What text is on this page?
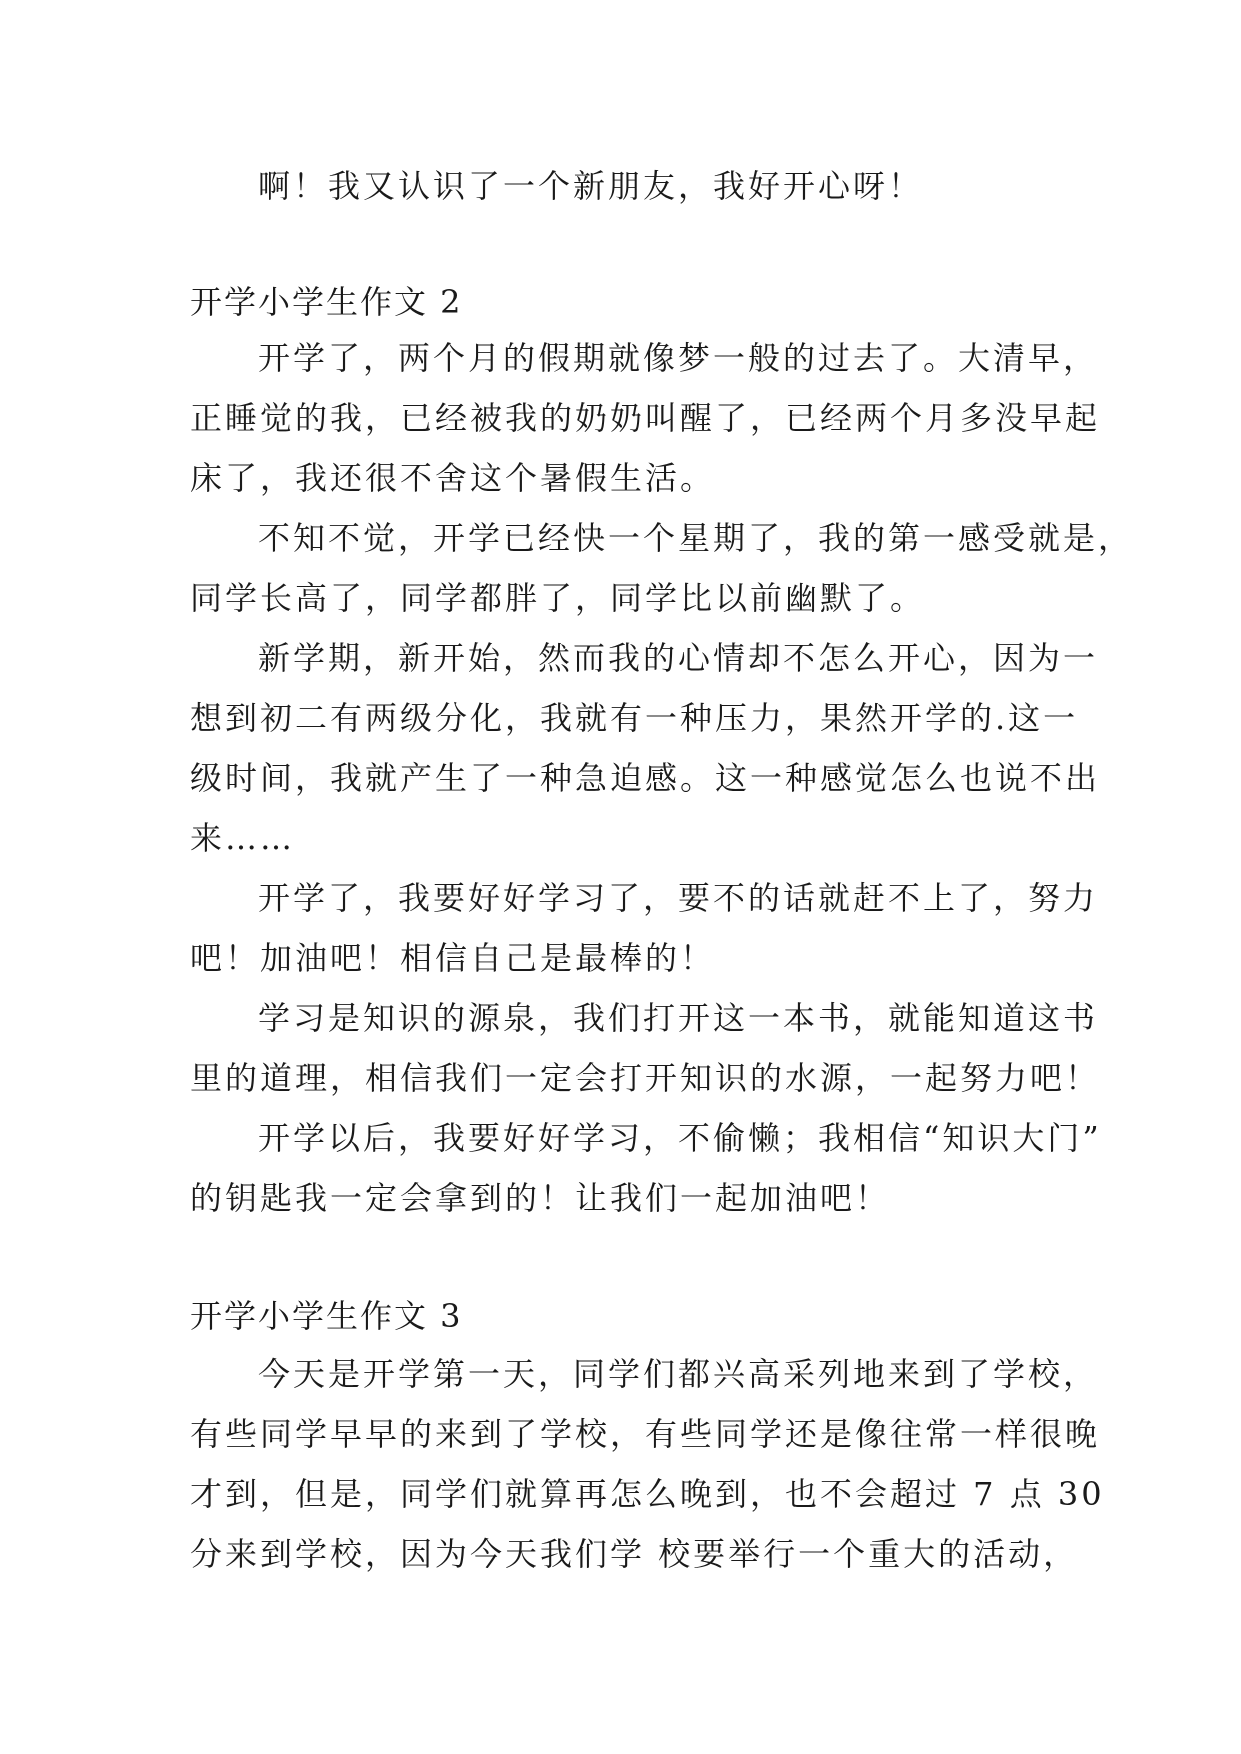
啊！我又认识了一个新朋友，我好开心呀！
开学小学生作文 2
开学了，两个月的假期就像梦一般的过去了。大清早，
正睡觉的我，已经被我的奶奶叫醒了，已经两个月多没早起
床了，我还很不舍这个暑假生活。
不知不觉，开学已经快一个星期了，我的第一感受就是，
同学长高了，同学都胖了，同学比以前幽默了。
新学期，新开始，然而我的心情却不怎么开心，因为一
想到初二有两级分化，我就有一种压力，果然开学的.这一
级时间，我就产生了一种急迫感。这一种感觉怎么也说不出
来……
开学了，我要好好学习了，要不的话就赶不上了，努力
吧！加油吧！相信自己是最棒的！
学习是知识的源泉，我们打开这一本书，就能知道这书
里的道理，相信我们一定会打开知识的水源，一起努力吧！
开学以后，我要好好学习，不偷懒；我相信“知识大门”
的钥匙我一定会拿到的！让我们一起加油吧！
开学小学生作文 3
今天是开学第一天，同学们都兴高采列地来到了学校，
有些同学早早的来到了学校，有些同学还是像往常一样很晚
才到，但是，同学们就算再怎么晚到，也不会超过 7 点 30
分来到学校，因为今天我们学 校要举行一个重大的活动，
